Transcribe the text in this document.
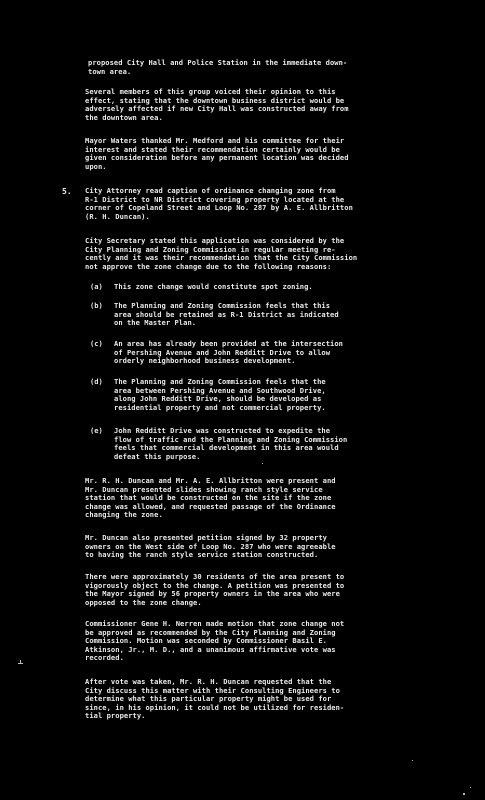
proposed City Hall and Police Station in the immediate down-
town area.
Several members of this group voiced their opinion to this
effect, stating that the downtown business district would be
adversely affected if new City Hall was constructed away from
the downtown area.
Mayor Waters thanked Mr. Medford and his committee for their
interest and stated their recommendation certainly would be
given consideration before any permanent location was decided
upon.
5. City Attorney read caption of ordinance changing zone from
R-1 District to NR District covering property located at the
corner of Copeland Street and Loop No. 287 by A. E. Allbritton
(R. H. Duncan).
City Secretary stated this application was considered by the
City Planning and Zoning Commission in regular meeting re-
cently and it was their recommendation that the City Commission
not approve the zone change due to the following reasons:
(a) This zone change would constitute spot zoning.
(b) The Planning and Zoning Commission feels that this
area should be retained as R-1 District as indicated
on the Master Plan.
(c) An area has already been provided at the intersection
of Pershing Avenue and John Redditt Drive to allow
orderly neighborhood business development.
(d) The Planning and Zoning Commission feels that the
area between Pershing Avenue and Southwood Drive,
along John Redditt Drive, should be developed as
residential property and not commercial property.
(e) John Redditt Drive was constructed to expedite the
flow of traffic and the Planning and Zoning Commission
feels that commercial development in this area would
defeat this purpose.
Mr. R. H. Duncan and Mr. A. E. Allbritton were present and
Mr. Duncan presented slides showing ranch style service
station that would be constructed on the site if the zone
change was allowed, and requested passage of the Ordinance
changing the zone.
Mr. Duncan also presented petition signed by 32 property
owners on the West side of Loop No. 287 who were agreeable
to having the ranch style service station constructed.
There were approximately 30 residents of the area present to
vigorously object to the change. A petition was presented to
the Mayor signed by 56 property owners in the area who were
opposed to the zone change.
Commissioner Gene H. Nerren made motion that zone change not
be approved as recommended by the City Planning and Zoning
Commission. Motion was seconded by Commissioner Basil E.
Atkinson, Jr., M. D., and a unanimous affirmative vote was
recorded.
After vote was taken, Mr. R. H. Duncan requested that the
City discuss this matter with their Consulting Engineers to
determine what this particular property might be used for
since, in his opinion, it could not be utilized for residen-
tial property.
